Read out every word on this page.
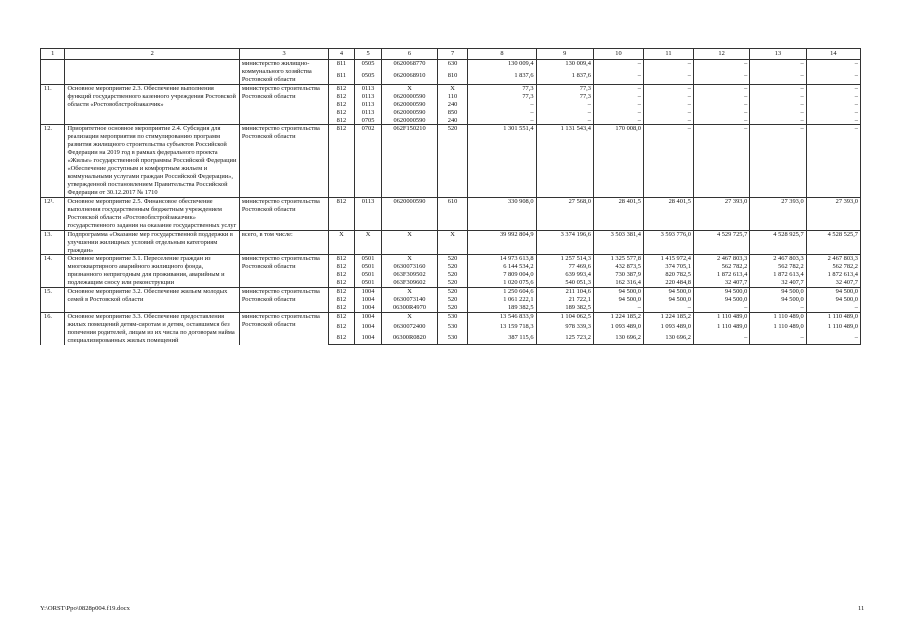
1	2	3	4	5	6	7	8	9	10	11	12	13	14
		министерство жилищно-коммунального хозяйства Ростовской области	811	0505	0620068770	630	130 009,4	130 009,4	–	–	–	–	–
			811	0505	0620068910	810	1 837,6	1 837,6	–	–	–	–	–
11.	Основное мероприятие 2.3. Обеспечение выполнения функций государственного казенного учреждения Ростовской области «Ростовоблстройзаказчик»	министерство строительства Ростовской области	812	0113	X	X	77,3	77,3	–	–	–	–	–
			812	0113	0620000590	110	77,3	77,3	–	–	–	–	–
			812	0113	0620000590	240	–	–	–	–	–	–	–
			812	0113	0620000590	850	–	–	–	–	–	–	–
			812	0705	0620000590	240	–	–	–	–	–	–	–
12.	Приоритетное основное мероприятие 2.4. Субсидия для реализации мероприятия по стимулированию программ развития жилищного строительства субъектов Российской Федерации на 2019 год в рамках федерального проекта «Жилье» государственной программы Российской Федерации «Обеспечение доступным и комфортным жильем и коммунальными услугами граждан Российской Федерации», утвержденной постановлением Правительства Российской Федерации от 30.12.2017 № 1710	министерство строительства Ростовской области	812	0702	062F150210	520	1 301 551,4	1 131 543,4	170 008,0	–	–	–	–
12¹.	Основное мероприятие 2.5. Финансовое обеспечение выполнения государственным бюджетным учреждением Ростовской области «Ростовоблстройзаказчик» государственного задания на оказание государственных услуг	министерство строительства Ростовской области	812	0113	0620000590	610	330 908,0	27 568,0	28 401,5	28 401,5	27 393,0	27 393,0	27 393,0
13.	Подпрограмма «Оказание мер государственной поддержки в улучшении жилищных условий отдельным категориям граждан»	всего, в том числе:	X	X	X	X	39 992 804,9	3 374 196,6	3 503 381,4	3 593 776,0	4 529 725,7	4 528 925,7	4 528 525,7
14.	Основное мероприятие 3.1. Переселение граждан из многоквартирного аварийного жилищного фонда, признанного непригодным для проживания, аварийным и подлежащим сносу или реконструкции	министерство строительства Ростовской области	812	0501	X	520	14 973 613,8	1 257 514,3	1 325 577,8	1 415 972,4	2 467 803,3	2 467 803,3	2 467 803,3
			812	0501	0630073160	520	6 144 534,2	77 469,6	432 873,5	374 705,1	562 782,2	562 782,2	562 782,2
			812	0501	063F309502	520	7 809 004,0	639 993,4	730 387,9	820 782,5	1 872 613,4	1 872 613,4	1 872 613,4
			812	0501	063F309602	520	1 020 075,6	540 051,3	162 316,4	220 484,8	32 407,7	32 407,7	32 407,7
15.	Основное мероприятие 3.2. Обеспечение жильем молодых семей в Ростовской области	министерство строительства Ростовской области	812	1004	X	520	1 250 604,6	211 104,6	94 500,0	94 500,0	94 500,0	94 500,0	94 500,0
			812	1004	0630073140	520	1 061 222,1	21 722,1	94 500,0	94 500,0	94 500,0	94 500,0	94 500,0
			812	1004	06300R4970	520	189 382,5	189 382,5	–	–	–	–	–
16.	Основное мероприятие 3.3. Обеспечение предоставления жилых помещений детям-сиротам и детям, оставшимся без попечения родителей, лицам из их числа по договорам найма специализированных жилых помещений	министерство строительства Ростовской области	812	1004	X	530	13 546 833,9	1 104 062,5	1 224 185,2	1 224 185,2	1 110 489,0	1 110 489,0	1 110 489,0
			812	1004	0630072400	530	13 159 718,3	978 339,3	1 093 489,0	1 093 489,0	1 110 489,0	1 110 489,0	1 110 489,0
			812	1004	06300R0820	530	387 115,6	125 723,2	130 696,2	130 696,2	–	–	–
Y:\ORST\Ppo\0828p004.f19.docx	11
